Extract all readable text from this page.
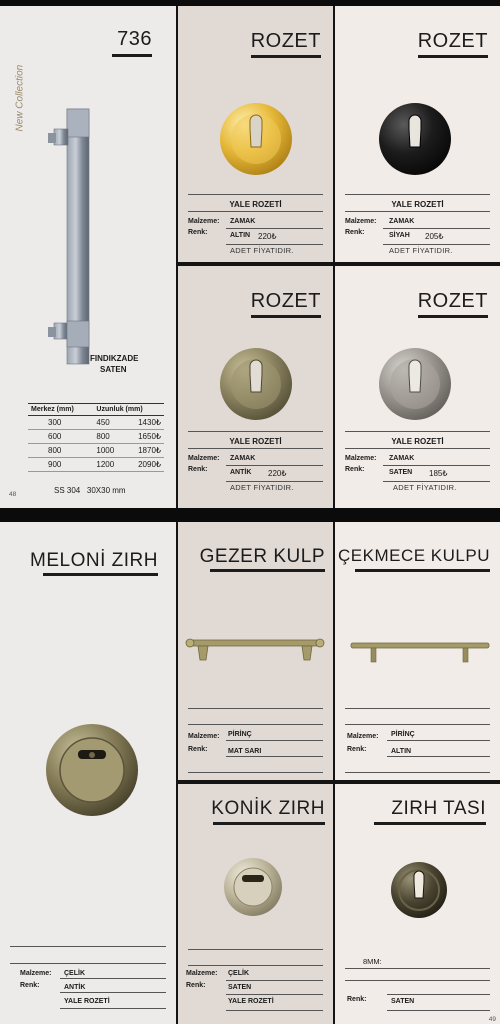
New Collection
736
FINDIKZADE
SATEN
Merkez (mm)	Uzunluk (mm)	
300	450	1430₺
600	800	1650₺
800	1000	1870₺
900	1200	2090₺
SS 304   30X30 mm
48
ROZET
YALE ROZETİ
Malzeme: ZAMAK
Renk:	ALTIN 220₺
ADET FİYATIDIR.
ROZET
YALE ROZETİ
Malzeme: ZAMAK
Renk:	SİYAH 205₺
ADET FİYATIDIR.
ROZET
YALE ROZETİ
Malzeme: ZAMAK
Renk:	ANTİK 220₺
ADET FİYATIDIR.
ROZET
YALE ROZETİ
Malzeme: ZAMAK
Renk:	SATEN 185₺
ADET FİYATIDIR.
MELONİ ZIRH
Malzeme: ÇELİK
Renk:	ANTİK
YALE ROZETİ
GEZER KULP
Malzeme: PİRİNÇ
Renk:	MAT SARI
ÇEKMECE KULPU
Malzeme: PİRİNÇ
Renk:	ALTIN
KONİK ZIRH
Malzeme: ÇELİK
Renk:	SATEN
YALE ROZETİ
ZIRH TASI
8MM:
Renk:	SATEN
49
